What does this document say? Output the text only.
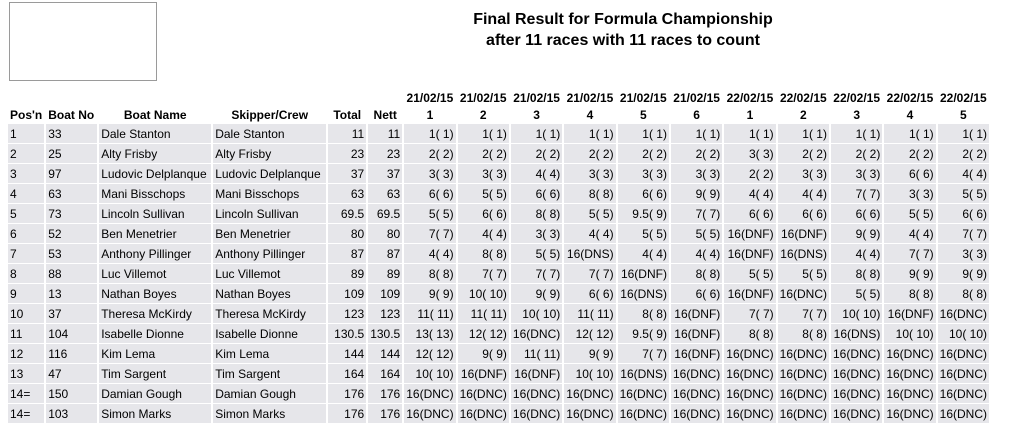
Final Result for Formula Championship
after 11 races with 11 races to count
						21/02/15	21/02/15	21/02/15	21/02/15	21/02/15	21/02/15	22/02/15	22/02/15	22/02/15	22/02/15	22/02/15
Pos'n	Boat No	Boat Name	Skipper/Crew	Total	Nett	1	2	3	4	5	6	1	2	3	4	5
1	33	Dale Stanton	Dale Stanton	11	11	1( 1)	1( 1)	1( 1)	1( 1)	1( 1)	1( 1)	1( 1)	1( 1)	1( 1)	1( 1)	1( 1)
2	25	Alty Frisby	Alty Frisby	23	23	2( 2)	2( 2)	2( 2)	2( 2)	2( 2)	2( 2)	3( 3)	2( 2)	2( 2)	2( 2)	2( 2)
3	97	Ludovic Delplanque	Ludovic Delplanque	37	37	3( 3)	3( 3)	4( 4)	3( 3)	3( 3)	3( 3)	2( 2)	3( 3)	3( 3)	6( 6)	4( 4)
4	63	Mani Bisschops	Mani Bisschops	63	63	6( 6)	5( 5)	6( 6)	8( 8)	6( 6)	9( 9)	4( 4)	4( 4)	7( 7)	3( 3)	5( 5)
5	73	Lincoln Sullivan	Lincoln Sullivan	69.5	69.5	5( 5)	6( 6)	8( 8)	5( 5)	9.5( 9)	7( 7)	6( 6)	6( 6)	6( 6)	5( 5)	6( 6)
6	52	Ben Menetrier	Ben Menetrier	80	80	7( 7)	4( 4)	3( 3)	4( 4)	5( 5)	5( 5)	16(DNF)	16(DNF)	9( 9)	4( 4)	7( 7)
7	53	Anthony Pillinger	Anthony Pillinger	87	87	4( 4)	8( 8)	5( 5)	16(DNS)	4( 4)	4( 4)	16(DNF)	16(DNS)	4( 4)	7( 7)	3( 3)
8	88	Luc Villemot	Luc Villemot	89	89	8( 8)	7( 7)	7( 7)	7( 7)	16(DNF)	8( 8)	5( 5)	5( 5)	8( 8)	9( 9)	9( 9)
9	13	Nathan Boyes	Nathan Boyes	109	109	9( 9)	10( 10)	9( 9)	6( 6)	16(DNS)	6( 6)	16(DNF)	16(DNC)	5( 5)	8( 8)	8( 8)
10	37	Theresa McKirdy	Theresa McKirdy	123	123	11( 11)	11( 11)	10( 10)	11( 11)	8( 8)	16(DNF)	7( 7)	7( 7)	10( 10)	16(DNF)	16(DNC)
11	104	Isabelle Dionne	Isabelle Dionne	130.5	130.5	13( 13)	12( 12)	16(DNC)	12( 12)	9.5( 9)	16(DNF)	8( 8)	8( 8)	16(DNS)	10( 10)	10( 10)
12	116	Kim Lema	Kim Lema	144	144	12( 12)	9( 9)	11( 11)	9( 9)	7( 7)	16(DNF)	16(DNC)	16(DNC)	16(DNC)	16(DNC)	16(DNC)
13	47	Tim Sargent	Tim Sargent	164	164	10( 10)	16(DNF)	16(DNF)	10( 10)	16(DNS)	16(DNC)	16(DNC)	16(DNC)	16(DNC)	16(DNC)	16(DNC)
14=	150	Damian Gough	Damian Gough	176	176	16(DNC)	16(DNC)	16(DNC)	16(DNC)	16(DNC)	16(DNC)	16(DNC)	16(DNC)	16(DNC)	16(DNC)	16(DNC)
14=	103	Simon Marks	Simon Marks	176	176	16(DNC)	16(DNC)	16(DNC)	16(DNC)	16(DNC)	16(DNC)	16(DNC)	16(DNC)	16(DNC)	16(DNC)	16(DNC)
